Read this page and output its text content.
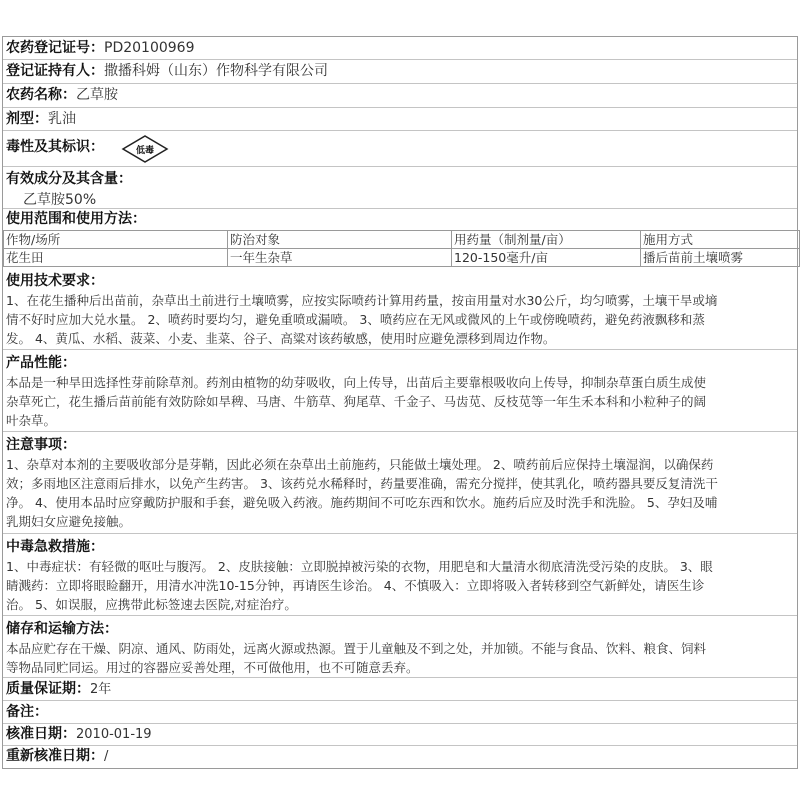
农药登记证号：PD20100969
登记证持有人：撒播科姆（山东）作物科学有限公司
农药名称：乙草胺
剂型：乳油
毒性及其标识：	低毒
有效成分及其含量：
乙草胺50%
使用范围和使用方法：
作物/场所	防治对象	用药量（制剂量/亩）	施用方式
花生田	一年生杂草	120-150毫升/亩	播后苗前土壤喷雾
使用技术要求：
1、在花生播种后出苗前，杂草出土前进行土壤喷雾，应按实际喷药计算用药量，按亩用量对水30公斤，均匀喷雾，土壤干旱或墒
情不好时应加大兑水量。 2、喷药时要均匀，避免重喷或漏喷。 3、喷药应在无风或微风的上午或傍晚喷药，避免药液飘移和蒸
发。 4、黄瓜、水稻、菠菜、小麦、韭菜、谷子、高粱对该药敏感，使用时应避免漂移到周边作物。
产品性能：
本品是一种旱田选择性芽前除草剂。药剂由植物的幼芽吸收，向上传导，出苗后主要靠根吸收向上传导，抑制杂草蛋白质生成使
杂草死亡，花生播后苗前能有效防除如旱稗、马唐、牛筋草、狗尾草、千金子、马齿苋、反枝苋等一年生禾本科和小粒种子的阔
叶杂草。
注意事项：
1、杂草对本剂的主要吸收部分是芽鞘，因此必须在杂草出土前施药，只能做土壤处理。 2、喷药前后应保持土壤湿润，以确保药
效；多雨地区注意雨后排水，以免产生药害。 3、该药兑水稀释时，药量要准确，需充分搅拌，使其乳化，喷药器具要反复清洗干
净。 4、使用本品时应穿戴防护服和手套，避免吸入药液。施药期间不可吃东西和饮水。施药后应及时洗手和洗脸。 5、孕妇及哺
乳期妇女应避免接触。
中毒急救措施：
1、中毒症状：有轻微的呕吐与腹泻。 2、皮肤接触：立即脱掉被污染的衣物，用肥皂和大量清水彻底清洗受污染的皮肤。 3、眼
睛溅药：立即将眼睑翻开，用清水冲洗10-15分钟，再请医生诊治。 4、不慎吸入：立即将吸入者转移到空气新鲜处，请医生诊
治。 5、如误服，应携带此标签速去医院,对症治疗。
储存和运输方法：
本品应贮存在干燥、阴凉、通风、防雨处，远离火源或热源。置于儿童触及不到之处，并加锁。不能与食品、饮料、粮食、饲料
等物品同贮同运。用过的容器应妥善处理，不可做他用，也不可随意丢弃。
质量保证期：2年
备注：
核准日期：2010-01-19
重新核准日期：/
